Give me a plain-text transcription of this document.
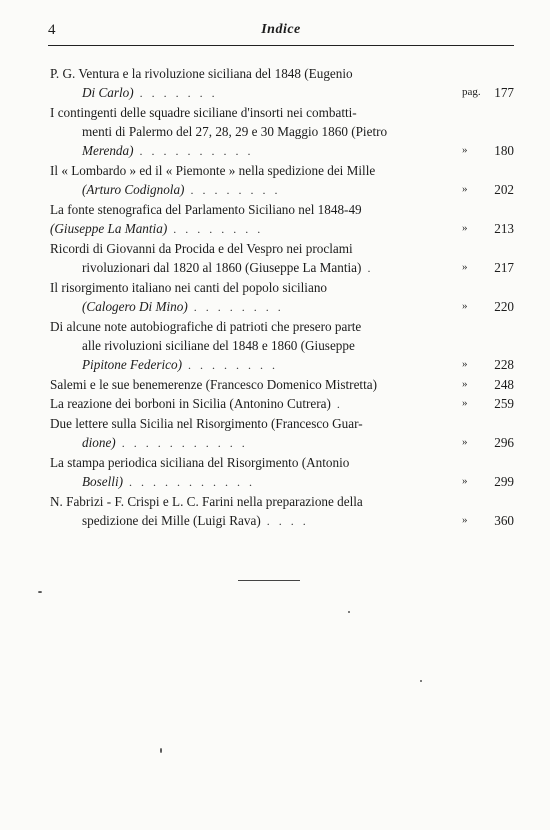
4	Indice
P. G. Ventura e la rivoluzione siciliana del 1848 (Eugenio
Di Carlo) .......	pag. 177
I contingenti delle squadre siciliane d'insorti nei combatti-
menti di Palermo del 27, 28, 29 e 30 Maggio 1860 (Pietro
Merenda) ..........	» 180
Il « Lombardo » ed il « Piemonte » nella spedizione dei Mille
(Arturo Codignola) ........	» 202
La fonte stenografica del Parlamento Siciliano nel 1848-49
(Giuseppe La Mantia) ........	» 213
Ricordi di Giovanni da Procida e del Vespro nei proclami
rivoluzionari dal 1820 al 1860 (Giuseppe La Mantia) .	» 217
Il risorgimento italiano nei canti del popolo siciliano
(Calogero Di Mino) ........	» 220
Di alcune note autobiografiche di patrioti che presero parte
alle rivoluzioni siciliane del 1848 e 1860 (Giuseppe
Pipitone Federico) ........	» 228
Salemi e le sue benemerenze (Francesco Domenico Mistretta)	» 248
La reazione dei borboni in Sicilia (Antonino Cutrera) .	» 259
Due lettere sulla Sicilia nel Risorgimento (Francesco Guar-
dione) ...........	» 296
La stampa periodica siciliana del Risorgimento (Antonio
Boselli) ...........	» 299
N. Fabrizi - F. Crispi e L. C. Farini nella preparazione della
spedizione dei Mille (Luigi Rava) ....	» 360
